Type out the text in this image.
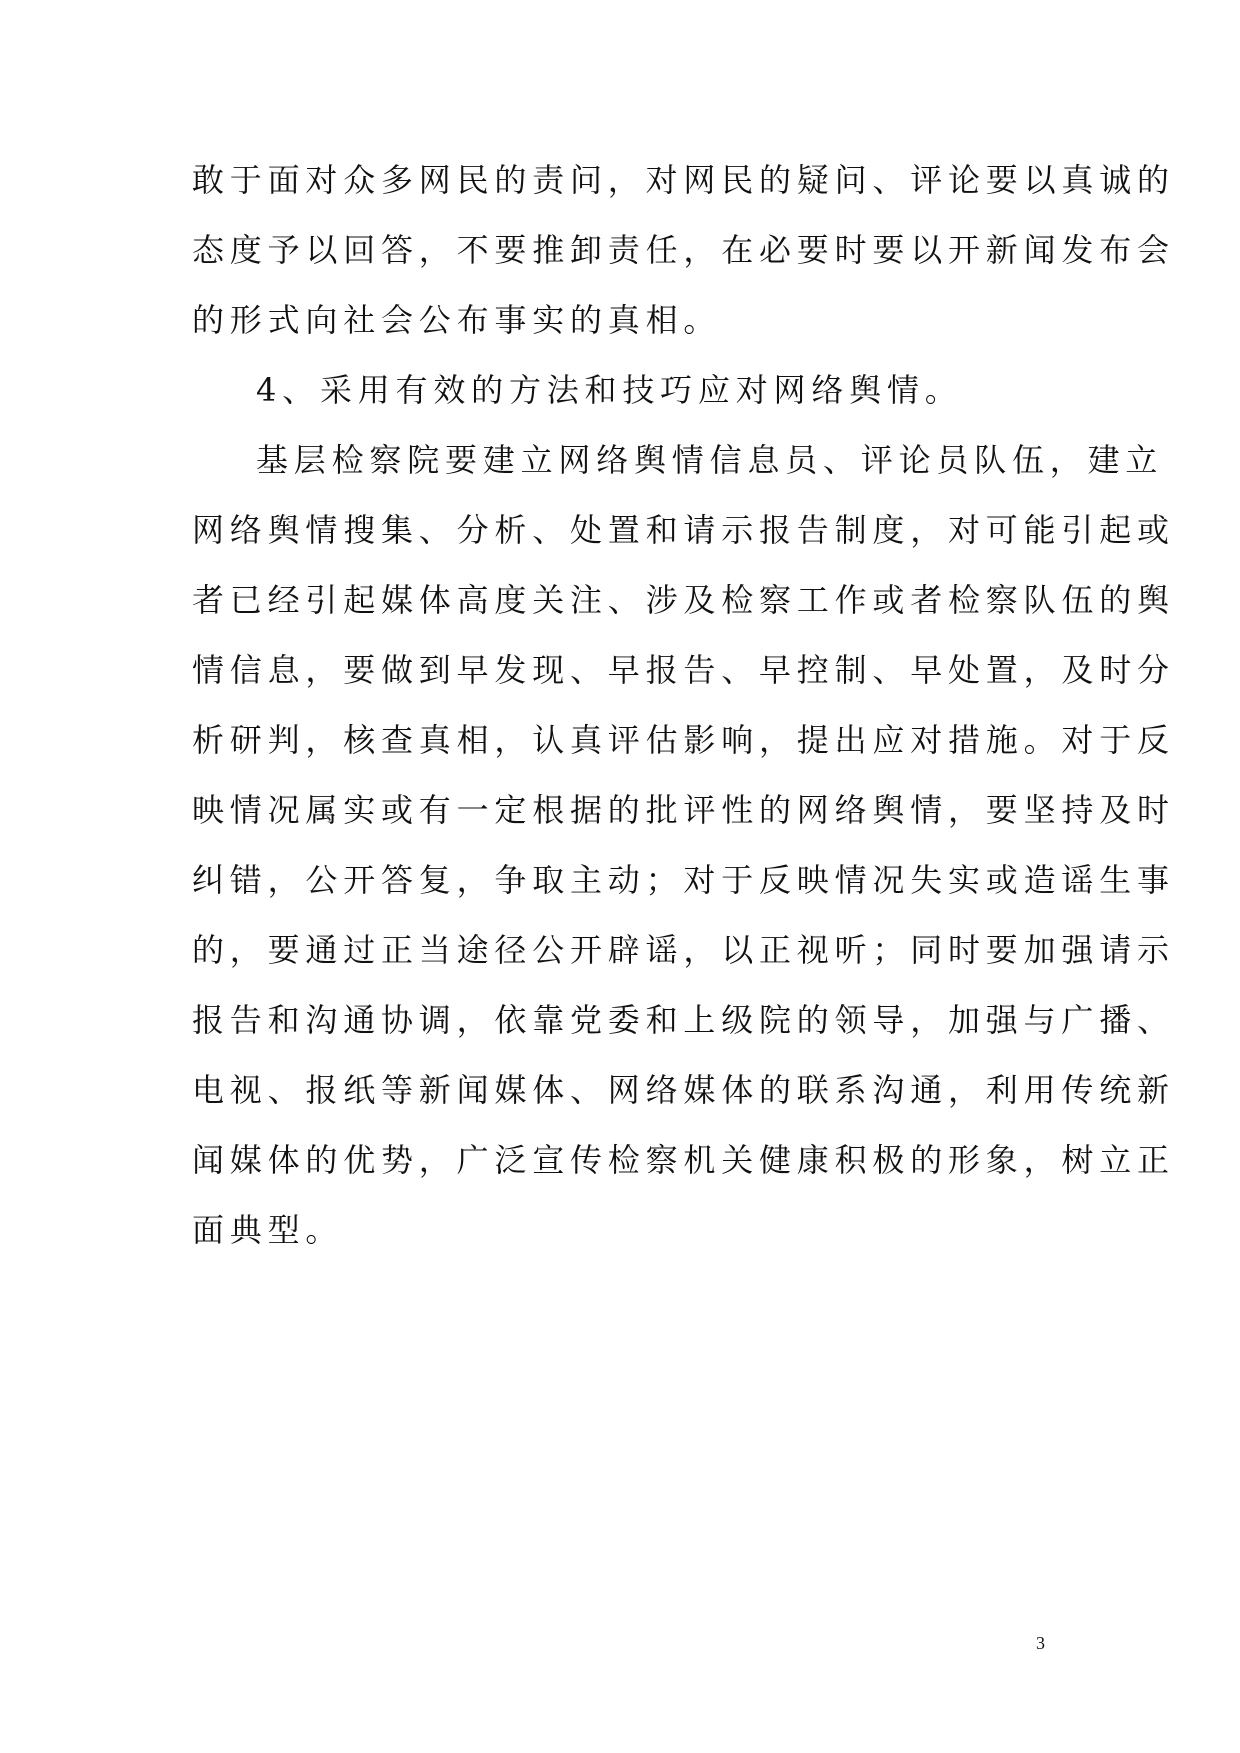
敢于面对众多网民的责问，对网民的疑问、评论要以真诚的
态度予以回答，不要推卸责任，在必要时要以开新闻发布会
的形式向社会公布事实的真相。
4、采用有效的方法和技巧应对网络舆情。
基层检察院要建立网络舆情信息员、评论员队伍，建立
网络舆情搜集、分析、处置和请示报告制度，对可能引起或
者已经引起媒体高度关注、涉及检察工作或者检察队伍的舆
情信息，要做到早发现、早报告、早控制、早处置，及时分
析研判，核查真相，认真评估影响，提出应对措施。对于反
映情况属实或有一定根据的批评性的网络舆情，要坚持及时
纠错，公开答复，争取主动；对于反映情况失实或造谣生事
的，要通过正当途径公开辟谣，以正视听；同时要加强请示
报告和沟通协调，依靠党委和上级院的领导，加强与广播、
电视、报纸等新闻媒体、网络媒体的联系沟通，利用传统新
闻媒体的优势，广泛宣传检察机关健康积极的形象，树立正
面典型。
3
